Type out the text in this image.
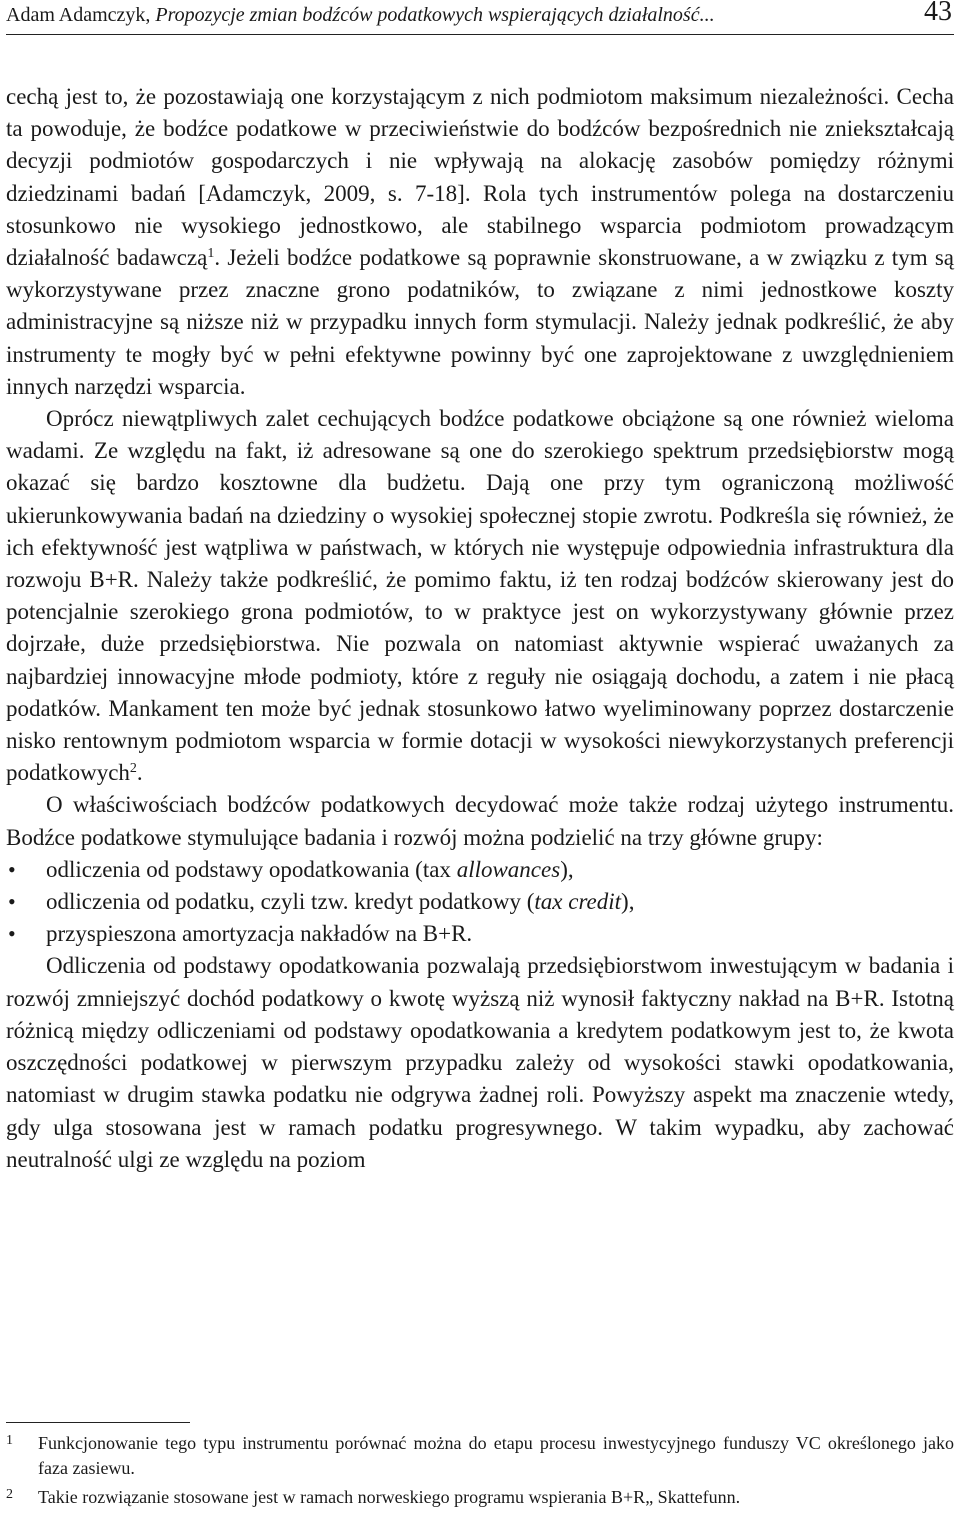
Adam Adamczyk, Propozycje zmian bodźców podatkowych wspierających działalność...	43

cechą jest to, że pozostawiają one korzystającym z nich podmiotom maksimum niezależności. Cecha ta powoduje, że bodźce podatkowe w przeciwieństwie do bodźców bezpośrednich nie zniekształcają decyzji podmiotów gospodarczych i nie wpływają na alokację zasobów pomiędzy różnymi dziedzinami badań [Adamczyk, 2009, s. 7-18]. Rola tych instrumentów polega na dostarczeniu stosunkowo nie wysokiego jednostkowo, ale stabilnego wsparcia podmiotom prowadzącym działalność badawczą$^1$. Jeżeli bodźce podatkowe są poprawnie skonstruowane, a w związku z tym są wykorzystywane przez znaczne grono podatników, to związane z nimi jednostkowe koszty administracyjne są niższe niż w przypadku innych form stymulacji. Należy jednak podkreślić, że aby instrumenty te mogły być w pełni efektywne powinny być one zaprojektowane z uwzględnieniem innych narzędzi wsparcia.

Oprócz niewątpliwych zalet cechujących bodźce podatkowe obciążone są one również wieloma wadami. Ze względu na fakt, iż adresowane są one do szerokiego spektrum przedsiębiorstw mogą okazać się bardzo kosztowne dla budżetu. Dają one przy tym ograniczoną możliwość ukierunkowywania badań na dziedziny o wysokiej społecznej stopie zwrotu. Podkreśla się również, że ich efektywność jest wątpliwa w państwach, w których nie występuje odpowiednia infrastruktura dla rozwoju B+R. Należy także podkreślić, że pomimo faktu, iż ten rodzaj bodźców skierowany jest do potencjalnie szerokiego grona podmiotów, to w praktyce jest on wykorzystywany głównie przez dojrzałe, duże przedsiębiorstwa. Nie pozwala on natomiast aktywnie wspierać uważanych za najbardziej innowacyjne młode podmioty, które z reguły nie osiągają dochodu, a zatem i nie płacą podatków. Mankament ten może być jednak stosunkowo łatwo wyeliminowany poprzez dostarczenie nisko rentownym podmiotom wsparcia w formie dotacji w wysokości niewykorzystanych preferencji podatkowych$^2$.

O właściwościach bodźców podatkowych decydować może także rodzaj użytego instrumentu. Bodźce podatkowe stymulujące badania i rozwój można podzielić na trzy główne grupy:

• odliczenia od podstawy opodatkowania (tax allowances),
• odliczenia od podatku, czyli tzw. kredyt podatkowy (tax credit),
• przyspieszona amortyzacja nakładów na B+R.

Odliczenia od podstawy opodatkowania pozwalają przedsiębiorstwom inwestującym w badania i rozwój zmniejszyć dochód podatkowy o kwotę wyższą niż wynosił faktyczny nakład na B+R. Istotną różnicą między odliczeniami od podstawy opodatkowania a kredytem podatkowym jest to, że kwota oszczędności podatkowej w pierwszym przypadku zależy od wysokości stawki opodatkowania, natomiast w drugim stawka podatku nie odgrywa żadnej roli. Powyższy aspekt ma znaczenie wtedy, gdy ulga stosowana jest w ramach podatku progresywnego. W takim wypadku, aby zachować neutralność ulgi ze względu na poziom

1 Funkcjonowanie tego typu instrumentu porównać można do etapu procesu inwestycyjnego funduszy VC określonego jako faza zasiewu.
2 Takie rozwiązanie stosowane jest w ramach norweskiego programu wspierania B+R„ Skattefunn.
